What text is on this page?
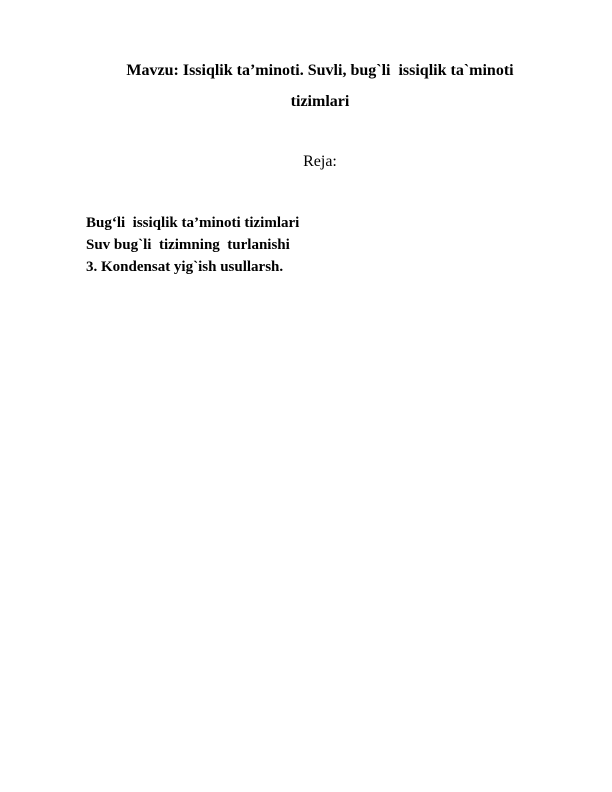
Mavzu: Issiqlik ta’minoti. Suvli, bug`li  issiqlik ta`minoti
tizimlari
Reja:
Bug‘li  issiqlik ta’minoti tizimlari
Suv bug`li  tizimning  turlanishi
3. Kondensat yig`ish usullarsh.
